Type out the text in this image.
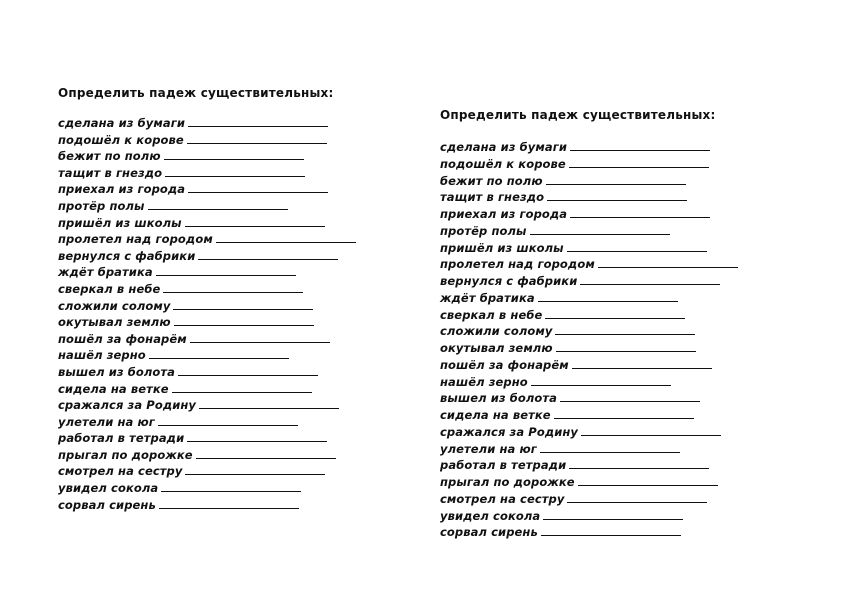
Определить падеж существительных:
сделана из бумаги
подошёл к корове
бежит по полю
тащит в гнездо
приехал из города
протёр полы
пришёл из школы
пролетел над городом
вернулся с фабрики
ждёт братика
сверкал в небе
сложили солому
окутывал землю
пошёл за фонарём
нашёл зерно
вышел из болота
сидела на ветке
сражался за Родину
улетели на юг
работал в тетради
прыгал по дорожке
смотрел на сестру
увидел сокола
сорвал сирень
Определить падеж существительных:
сделана из бумаги
подошёл к корове
бежит по полю
тащит в гнездо
приехал из города
протёр полы
пришёл из школы
пролетел над городом
вернулся с фабрики
ждёт братика
сверкал в небе
сложили солому
окутывал землю
пошёл за фонарём
нашёл зерно
вышел из болота
сидела на ветке
сражался за Родину
улетели на юг
работал в тетради
прыгал по дорожке
смотрел на сестру
увидел сокола
сорвал сирень
